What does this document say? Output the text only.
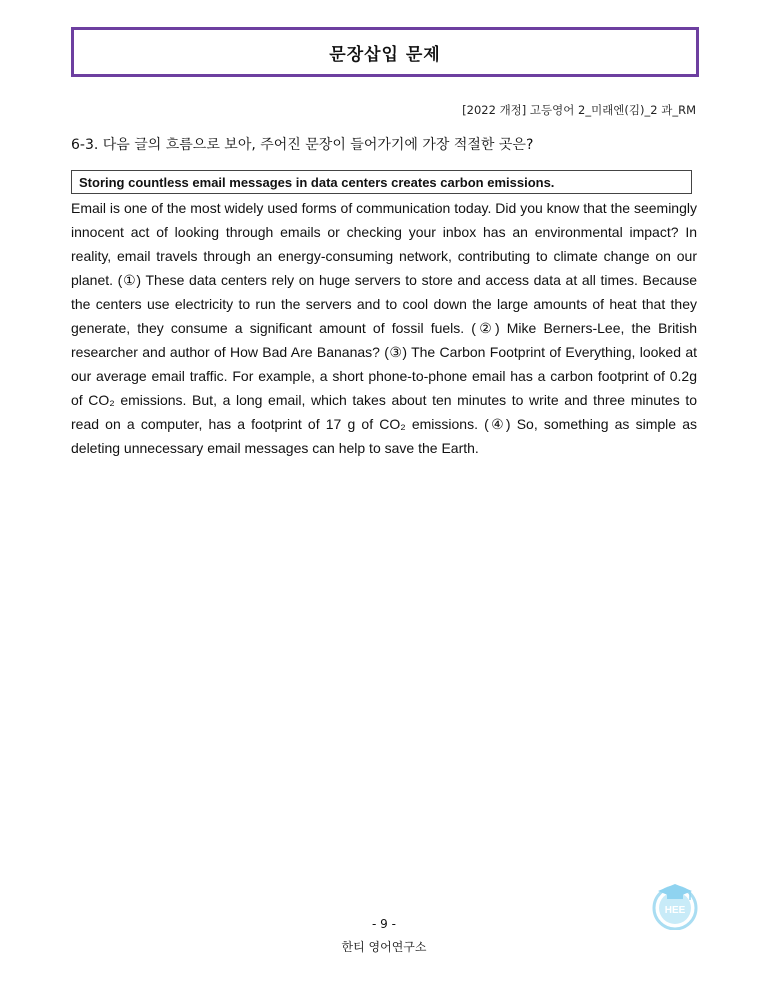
문장삽입 문제
[2022 개정] 고등영어 2_미래엔(김)_2 과_RM
6-3. 다음 글의 흐름으로 보아, 주어진 문장이 들어가기에 가장 적절한 곳은?
Storing countless email messages in data centers creates carbon emissions.
Email is one of the most widely used forms of communication today. Did you know that the seemingly innocent act of looking through emails or checking your inbox has an environmental impact? In reality, email travels through an energy-consuming network, contributing to climate change on our planet. (①) These data centers rely on huge servers to store and access data at all times. Because the centers use electricity to run the servers and to cool down the large amounts of heat that they generate, they consume a significant amount of fossil fuels. (②) Mike Berners-Lee, the British researcher and author of How Bad Are Bananas? (③) The Carbon Footprint of Everything, looked at our average email traffic. For example, a short phone-to-phone email has a carbon footprint of 0.2g of CO₂ emissions. But, a long email, which takes about ten minutes to write and three minutes to read on a computer, has a footprint of 17 g of CO₂ emissions. (④) So, something as simple as deleting unnecessary email messages can help to save the Earth.
- 9 -
한티 영어연구소
HEE
